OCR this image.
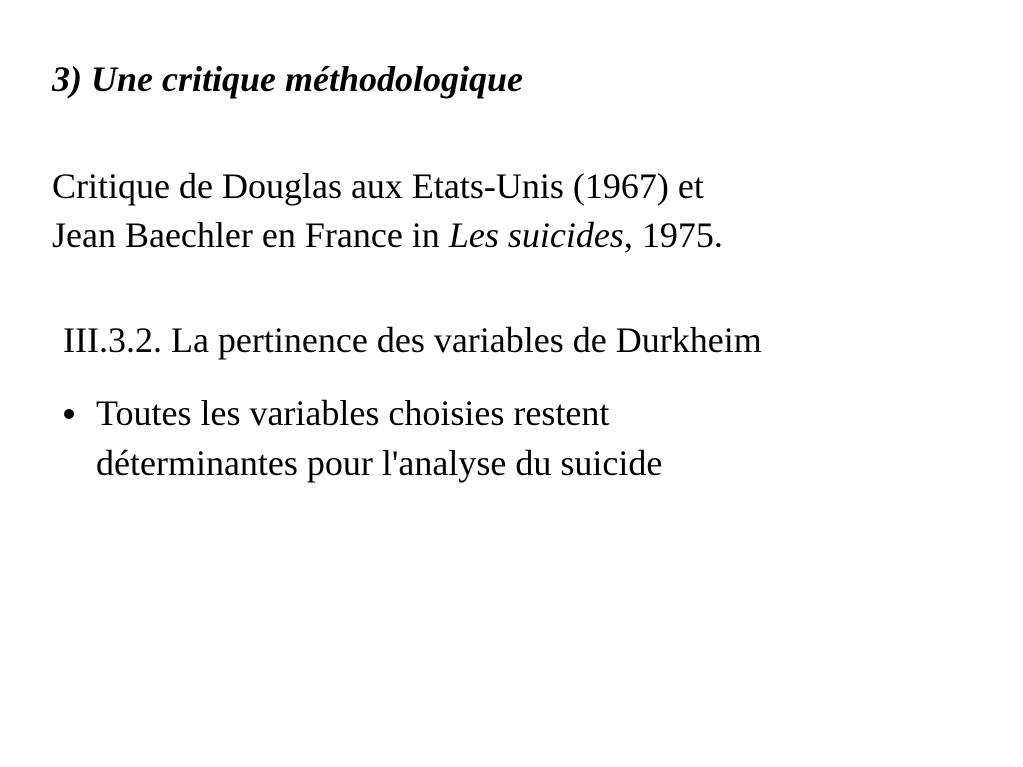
3) Une critique méthodologique
Critique de Douglas aux Etats-Unis (1967) et
Jean Baechler en France in Les suicides, 1975.
III.3.2. La pertinence des variables de Durkheim
Toutes les variables choisies restent
déterminantes pour l'analyse du suicide
